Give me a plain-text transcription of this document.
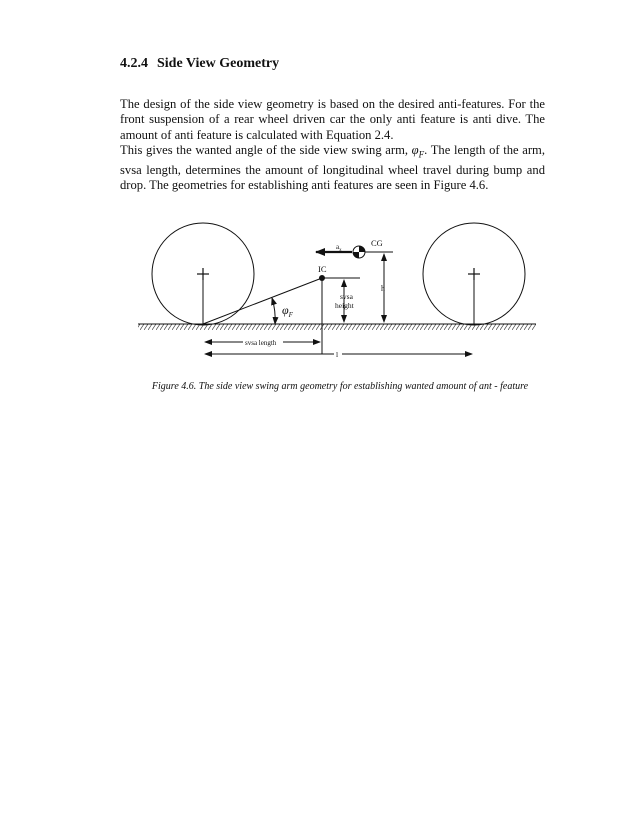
4.2.4 Side View Geometry
The design of the side view geometry is based on the desired anti-features. For the front suspension of a rear wheel driven car the only anti feature is anti dive. The amount of anti feature is calculated with Equation 2.4.
This gives the wanted angle of the side view swing arm, $\varphi_F$. The length of the arm, svsa length, determines the amount of longitudinal wheel travel during bump and drop. The geometries for establishing anti features are seen in Figure 4.6.
CG
$a_x$
IC
h
svsa
height
$\varphi_F$
svsa length
l
Figure 4.6. The side view swing arm geometry for establishing wanted amount of ant - feature
